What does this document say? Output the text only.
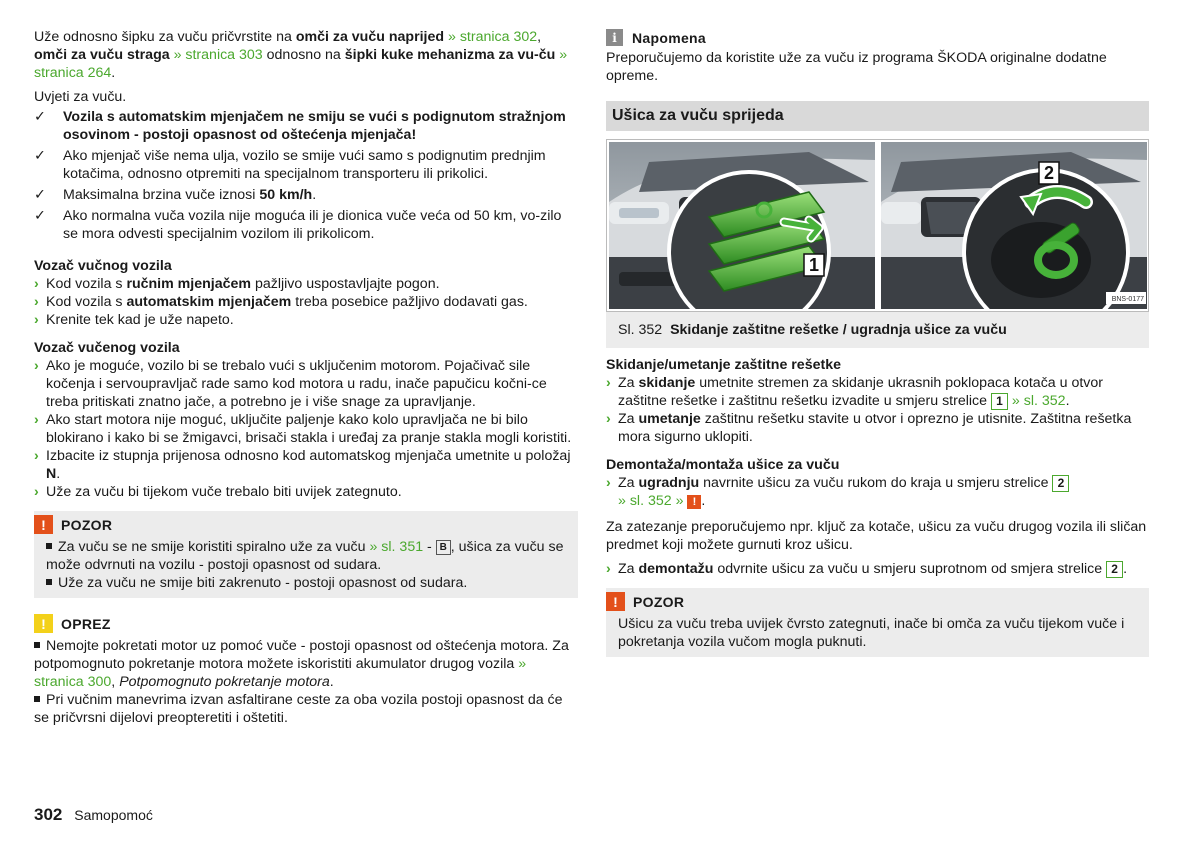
Uže odnosno šipku za vuču pričvrstite na omči za vuču naprijed » stranica 302, omči za vuču straga » stranica 303 odnosno na šipki kuke mehanizma za vu-ču » stranica 264.

Uvjeti za vuču.

✓ Vozila s automatskim mjenjačem ne smiju se vući s podignutom stražnjom osovinom - postoji opasnost od oštećenja mjenjača!
✓ Ako mjenjač više nema ulja, vozilo se smije vući samo s podignutim prednjim kotačima, odnosno otpremiti na specijalnom transporteru ili prikolici.
✓ Maksimalna brzina vuče iznosi 50 km/h.
✓ Ako normalna vuča vozila nije moguća ili je dionica vuče veća od 50 km, vo-zilo se mora odvesti specijalnim vozilom ili prikolicom.
Vozač vučnog vozila
› Kod vozila s ručnim mjenjačem pažljivo uspostavljajte pogon.
› Kod vozila s automatskim mjenjačem treba posebice pažljivo dodavati gas.
› Krenite tek kad je uže napeto.
Vozač vučenog vozila
› Ako je moguće, vozilo bi se trebalo vući s uključenim motorom. Pojačivač sile kočenja i servoupravljač rade samo kod motora u radu, inače papučicu kočni-ce treba pritiskati znatno jače, a potrebno je i više snage za upravljanje.
› Ako start motora nije moguć, uključite paljenje kako kolo upravljača ne bi bilo blokirano i kako bi se žmigavci, brisači stakla i uređaj za pranje stakla mogli koristiti.
› Izbacite iz stupnja prijenosa odnosno kod automatskog mjenjača umetnite u položaj N.
› Uže za vuču bi tijekom vuče trebalo biti uvijek zategnuto.
!	POZOR
Za vuču se ne smije koristiti spiralno uže za vuču » sl. 351 - B , ušica za vuču se može odvrnuti na vozilu - postoji opasnost od sudara.
Uže za vuču ne smije biti zakrenuto - postoji opasnost od sudara.
!	OPREZ
Nemojte pokretati motor uz pomoć vuče - postoji opasnost od oštećenja motora. Za potpomognuto pokretanje motora možete iskoristiti akumulator drugog vozila » stranica 300, Potpomognuto pokretanje motora.
Pri vučnim manevrima izvan asfaltirane ceste za oba vozila postoji opasnost da će se pričvrsni dijelovi preopteretiti i oštetiti.
i	Napomena

Preporučujemo da koristite uže za vuču iz programa ŠKODA originalne dodatne opreme.

Ušica za vuču sprijeda
1
2
BNS-0177
Sl. 352 Skidanje zaštitne rešetke / ugradnja ušice za vuču
Skidanje/umetanje zaštitne rešetke
› Za skidanje umetnite stremen za skidanje ukrasnih poklopaca kotača u otvor zaštitne rešetke i zaštitnu rešetku izvadite u smjeru strelice 1 » sl. 352.
› Za umetanje zaštitnu rešetku stavite u otvor i oprezno je utisnite. Zaštitna rešetka mora sigurno uklopiti.
Demontaža/montaža ušice za vuču
› Za ugradnju navrnite ušicu za vuču rukom do kraja u smjeru strelice 2
» sl. 352 » ! .

Za zatezanje preporučujemo npr. ključ za kotače, ušicu za vuču drugog vozila ili sličan predmet koji možete gurnuti kroz ušicu.

› Za demontažu odvrnite ušicu za vuču u smjeru suprotnom od smjera strelice 2 .
!	POZOR
Ušicu za vuču treba uvijek čvrsto zategnuti, inače bi omča za vuču tijekom vuče i pokretanja vozila vučom mogla puknuti.
302 Samopomoć
